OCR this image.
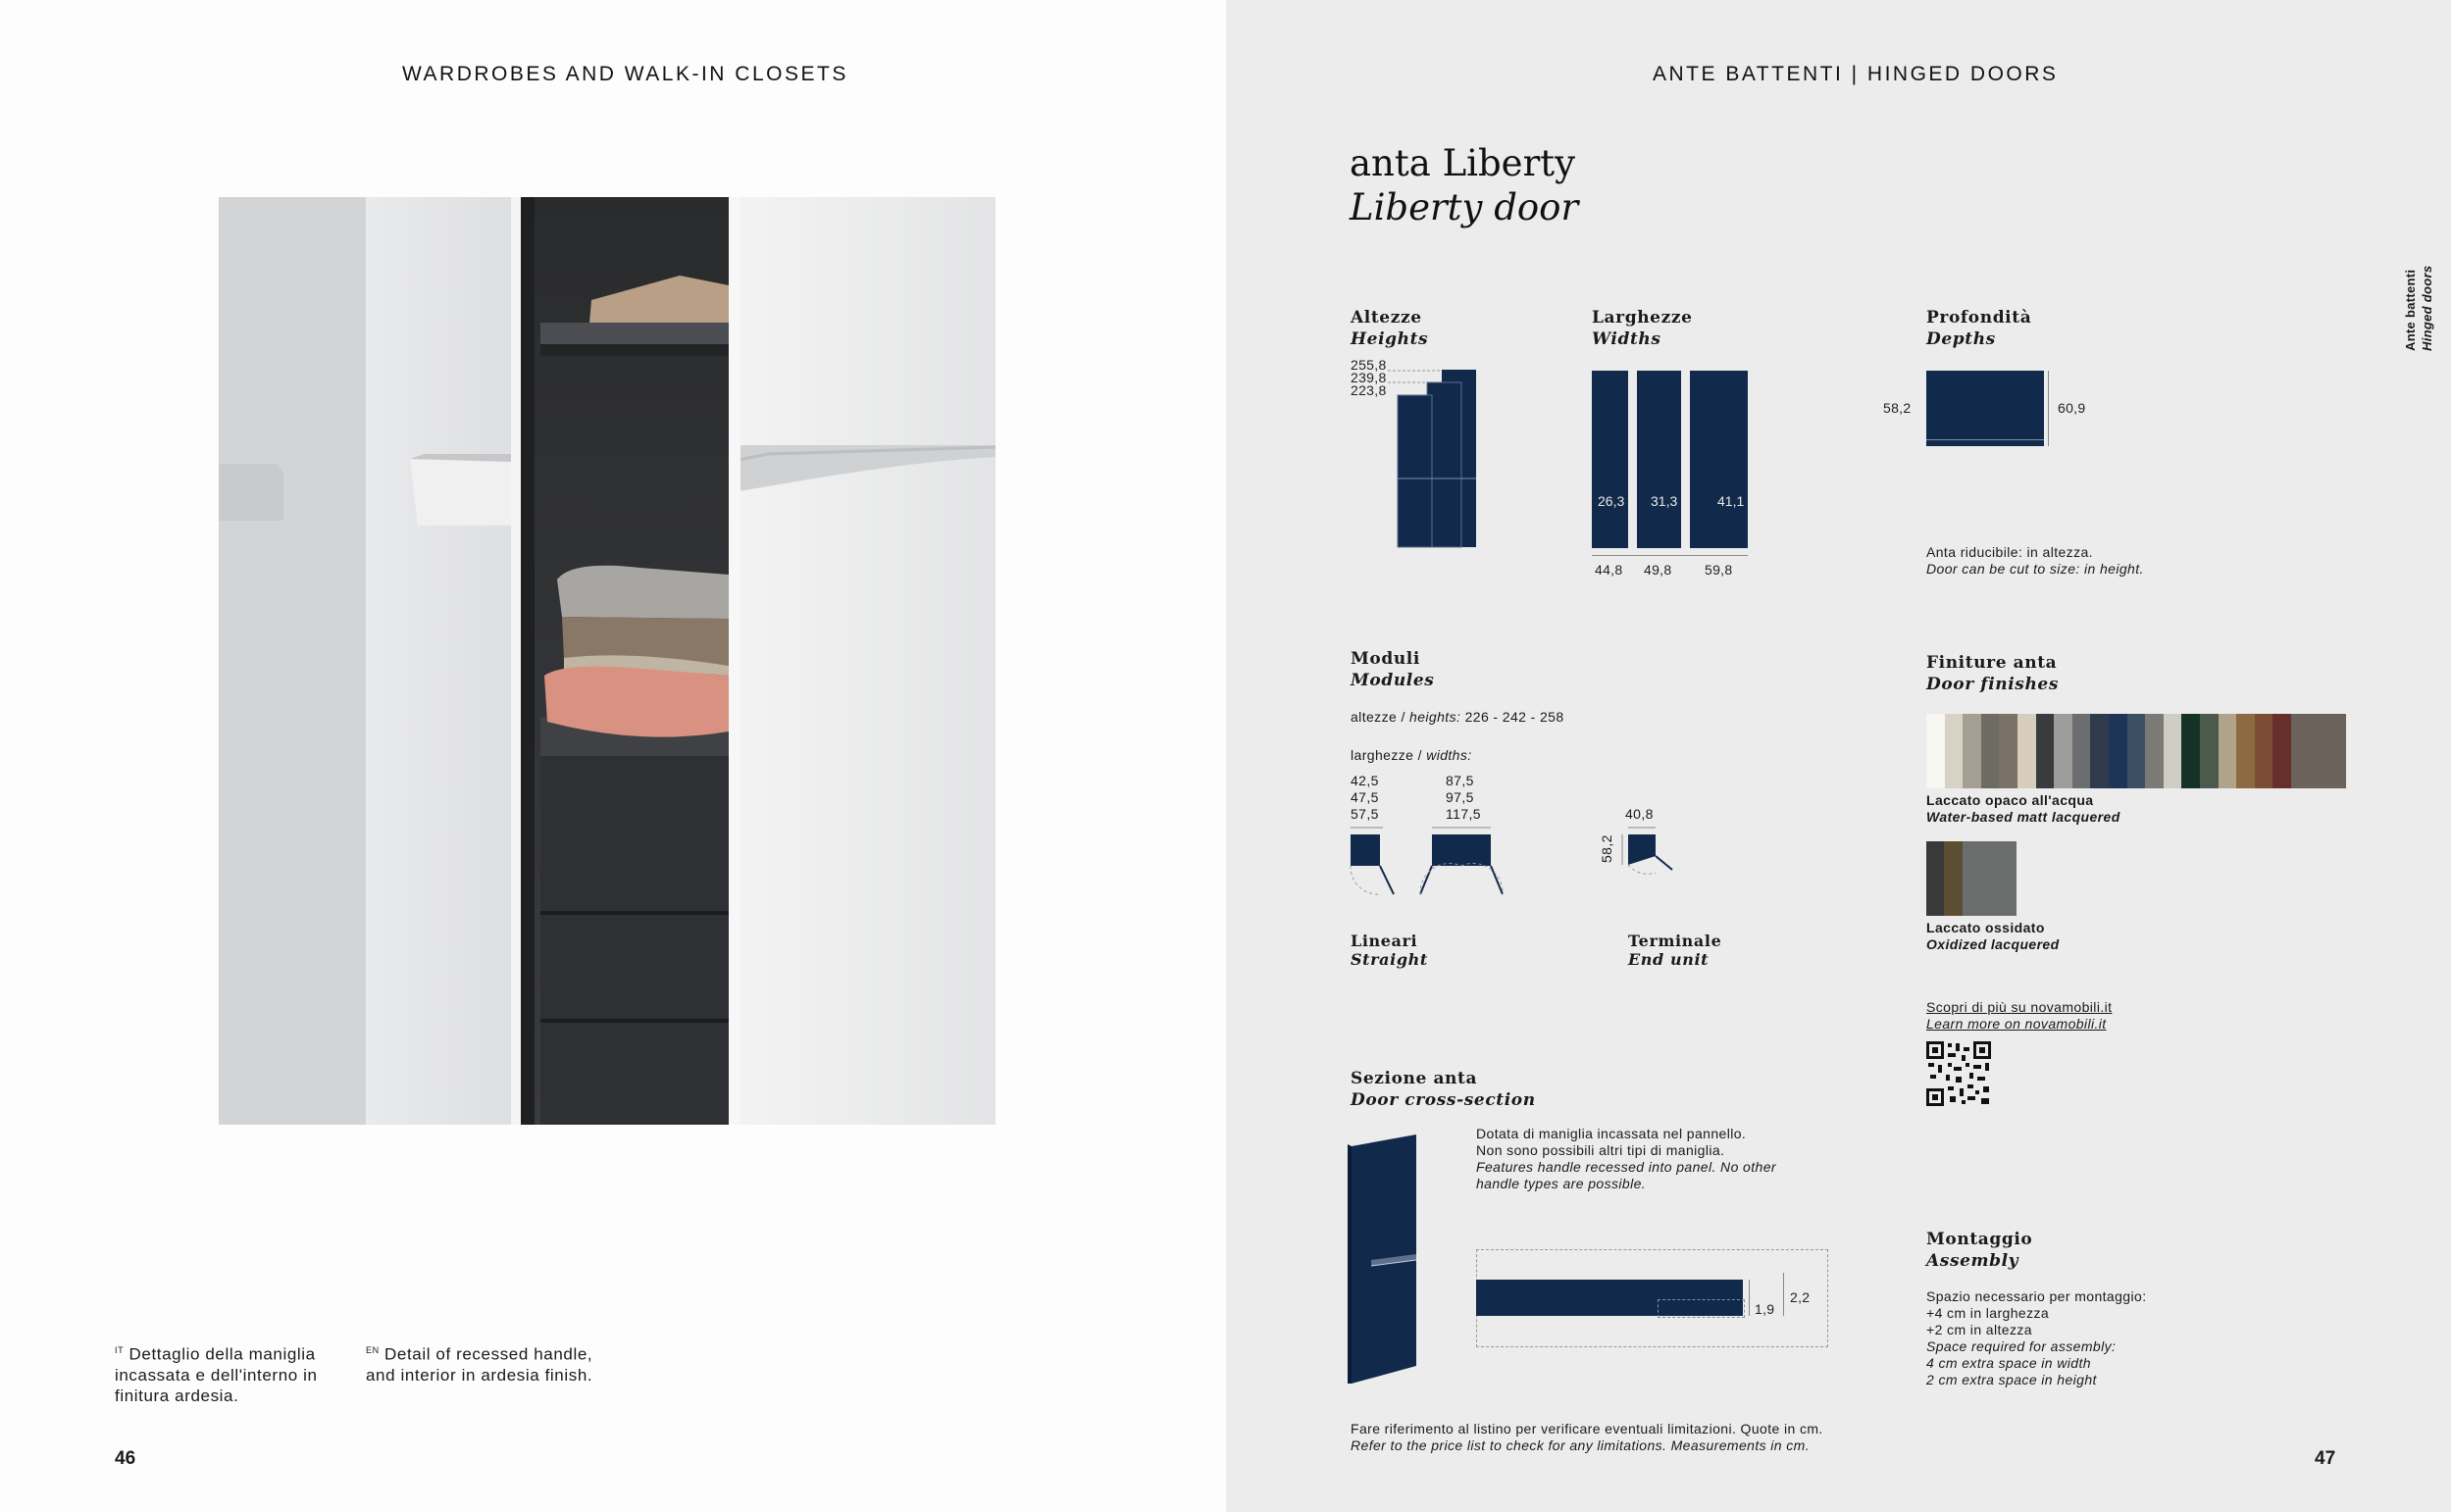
WARDROBES AND WALK-IN CLOSETS
$^{IT}$ Dettaglio della maniglia incassata e dell'interno in finitura ardesia.
$^{EN}$ Detail of recessed handle, and interior in ardesia finish.
46
ANTE BATTENTI | HINGED DOORS
Ante battenti Hinged doors
anta Liberty
Liberty door
Altezze
Heights
255,8
239,8
223,8
Larghezze
Widths
26,3 31,3	41,1
44,8 49,8 59,8
Profondità
Depths
58,2	60,9
Anta riducibile: in altezza.
Door can be cut to size: in height.
Moduli
Modules
altezze / heights: 226 - 242 - 258
larghezze / widths:
42,5
47,5
57,5
87,5
97,5
117,5	40,8
58,2
Lineari
Straight
Terminale
End unit
Finiture anta
Door finishes
Laccato opaco all'acqua
Water-based matt lacquered
Laccato ossidato
Oxidized lacquered
Scopri di più su novamobili.it
Learn more on novamobili.it
Sezione anta
Door cross-section
Dotata di maniglia incassata nel pannello.
Non sono possibili altri tipi di maniglia.
Features handle recessed into panel. No other handle types are possible.
1,9
2,2
Montaggio
Assembly
Spazio necessario per montaggio:
+4 cm in larghezza
+2 cm in altezza
Space required for assembly:
4 cm extra space in width
2 cm extra space in height
Fare riferimento al listino per verificare eventuali limitazioni. Quote in cm.
Refer to the price list to check for any limitations. Measurements in cm.
47
